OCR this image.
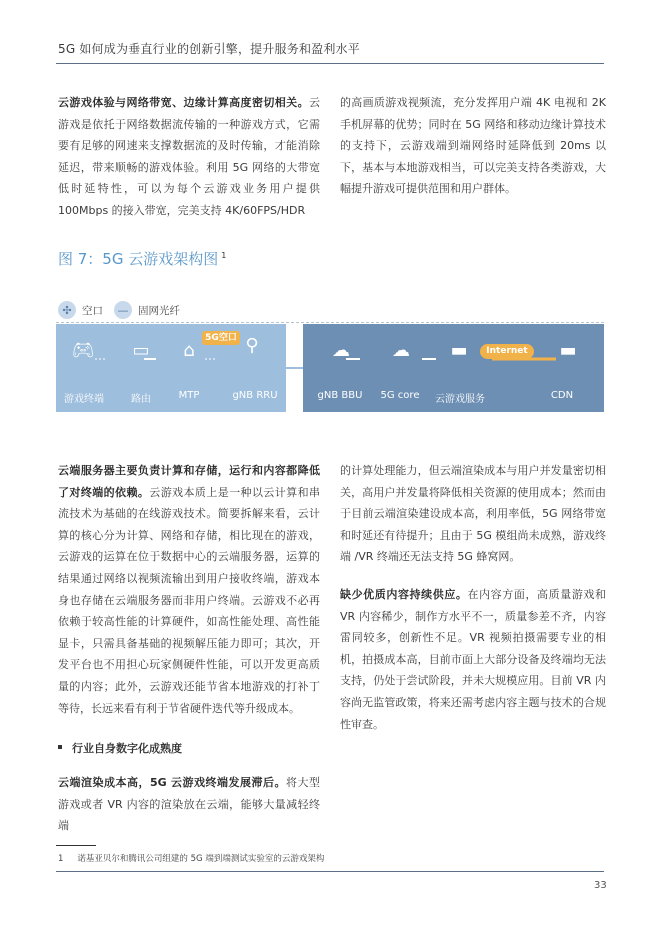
5G 如何成为垂直行业的创新引擎，提升服务和盈利水平

云游戏体验与网络带宽、边缘计算高度密切相关。云游戏是依托于网络数据流传输的一种游戏方式，它需要有足够的网速来支撑数据流的及时传输，才能消除延迟，带来顺畅的游戏体验。利用 5G 网络的大带宽低时延特性，可以为每个云游戏业务用户提供 100Mbps 的接入带宽，完美支持 4K/60FPS/HDR

的高画质游戏视频流，充分发挥用户端 4K 电视和 2K 手机屏幕的优势；同时在 5G 网络和移动边缘计算技术的支持下，云游戏端到端网络时延降低到 20ms 以下，基本与本地游戏相当，可以完美支持各类游戏，大幅提升游戏可提供范围和用户群体。

图 7：5G 云游戏架构图 $^1$
✣ 空口	— 固网光纤
5G空口
Internet
🎮︎	▭	⌂	⚲	☁︎	☁︎	▬	▬
游戏终端	路由	MTP	gNB RRU	gNB BBU	5G core	云游戏服务	CDN

云端服务器主要负责计算和存储，运行和内容都降低了对终端的依赖。云游戏本质上是一种以云计算和串流技术为基础的在线游戏技术。简要拆解来看，云计算的核心分为计算、网络和存储，相比现在的游戏，云游戏的运算在位于数据中心的云端服务器，运算的结果通过网络以视频流输出到用户接收终端，游戏本身也存储在云端服务器而非用户终端。云游戏不必再依赖于较高性能的计算硬件，如高性能处理、高性能显卡，只需具备基础的视频解压能力即可；其次，开发平台也不用担心玩家侧硬件性能，可以开发更高质量的内容；此外，云游戏还能节省本地游戏的打补丁等待，长远来看有利于节省硬件迭代等升级成本。

行业自身数字化成熟度

云端渲染成本高，5G 云游戏终端发展滞后。将大型游戏或者 VR 内容的渲染放在云端，能够大量减轻终端

的计算处理能力，但云端渲染成本与用户并发量密切相关，高用户并发量将降低相关资源的使用成本；然而由于目前云端渲染建设成本高，利用率低，5G 网络带宽和时延还有待提升；且由于 5G 模组尚未成熟，游戏终端 /VR 终端还无法支持 5G 蜂窝网。

缺少优质内容持续供应。在内容方面，高质量游戏和 VR 内容稀少，制作方水平不一，质量参差不齐，内容雷同较多，创新性不足。VR 视频拍摄需要专业的相机，拍摄成本高，目前市面上大部分设备及终端均无法支持，仍处于尝试阶段，并未大规模应用。目前 VR 内容尚无监管政策，将来还需考虑内容主题与技术的合规性审查。

1 诺基亚贝尔和腾讯公司组建的 5G 端到端测试实验室的云游戏架构
33
